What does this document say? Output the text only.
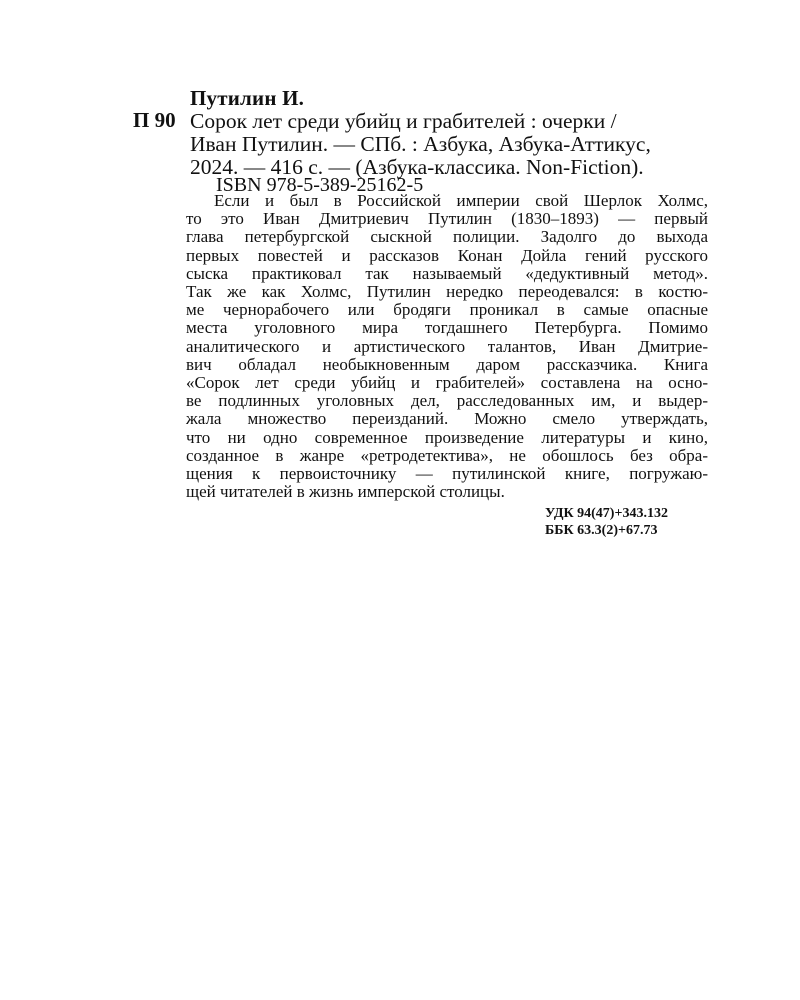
Путилин И.
П 90 Сорок лет среди убийц и грабителей : очерки /
Иван Путилин. — СПб. : Азбука, Азбука-Аттикус,
2024. — 416 с. — (Азбука-классика. Non-Fiction).
ISBN 978-5-389-25162-5
Если и был в Российской империи свой Шерлок Холмс,
то это Иван Дмитриевич Путилин (1830–1893) — первый
глава петербургской сыскной полиции. Задолго до выхода
первых повестей и рассказов Конан Дойла гений русского
сыска практиковал так называемый «дедуктивный метод».
Так же как Холмс, Путилин нередко переодевался: в костю-
ме чернорабочего или бродяги проникал в самые опасные
места уголовного мира тогдашнего Петербурга. Помимо
аналитического и артистического талантов, Иван Дмитрие-
вич обладал необыкновенным даром рассказчика. Книга
«Сорок лет среди убийц и грабителей» составлена на осно-
ве подлинных уголовных дел, расследованных им, и выдер-
жала множество переизданий. Можно смело утверждать,
что ни одно современное произведение литературы и кино,
созданное в жанре «ретродетектива», не обошлось без обра-
щения к первоисточнику — путилинской книге, погружаю-
щей читателей в жизнь имперской столицы.
УДК 94(47)+343.132
ББК 63.3(2)+67.73
